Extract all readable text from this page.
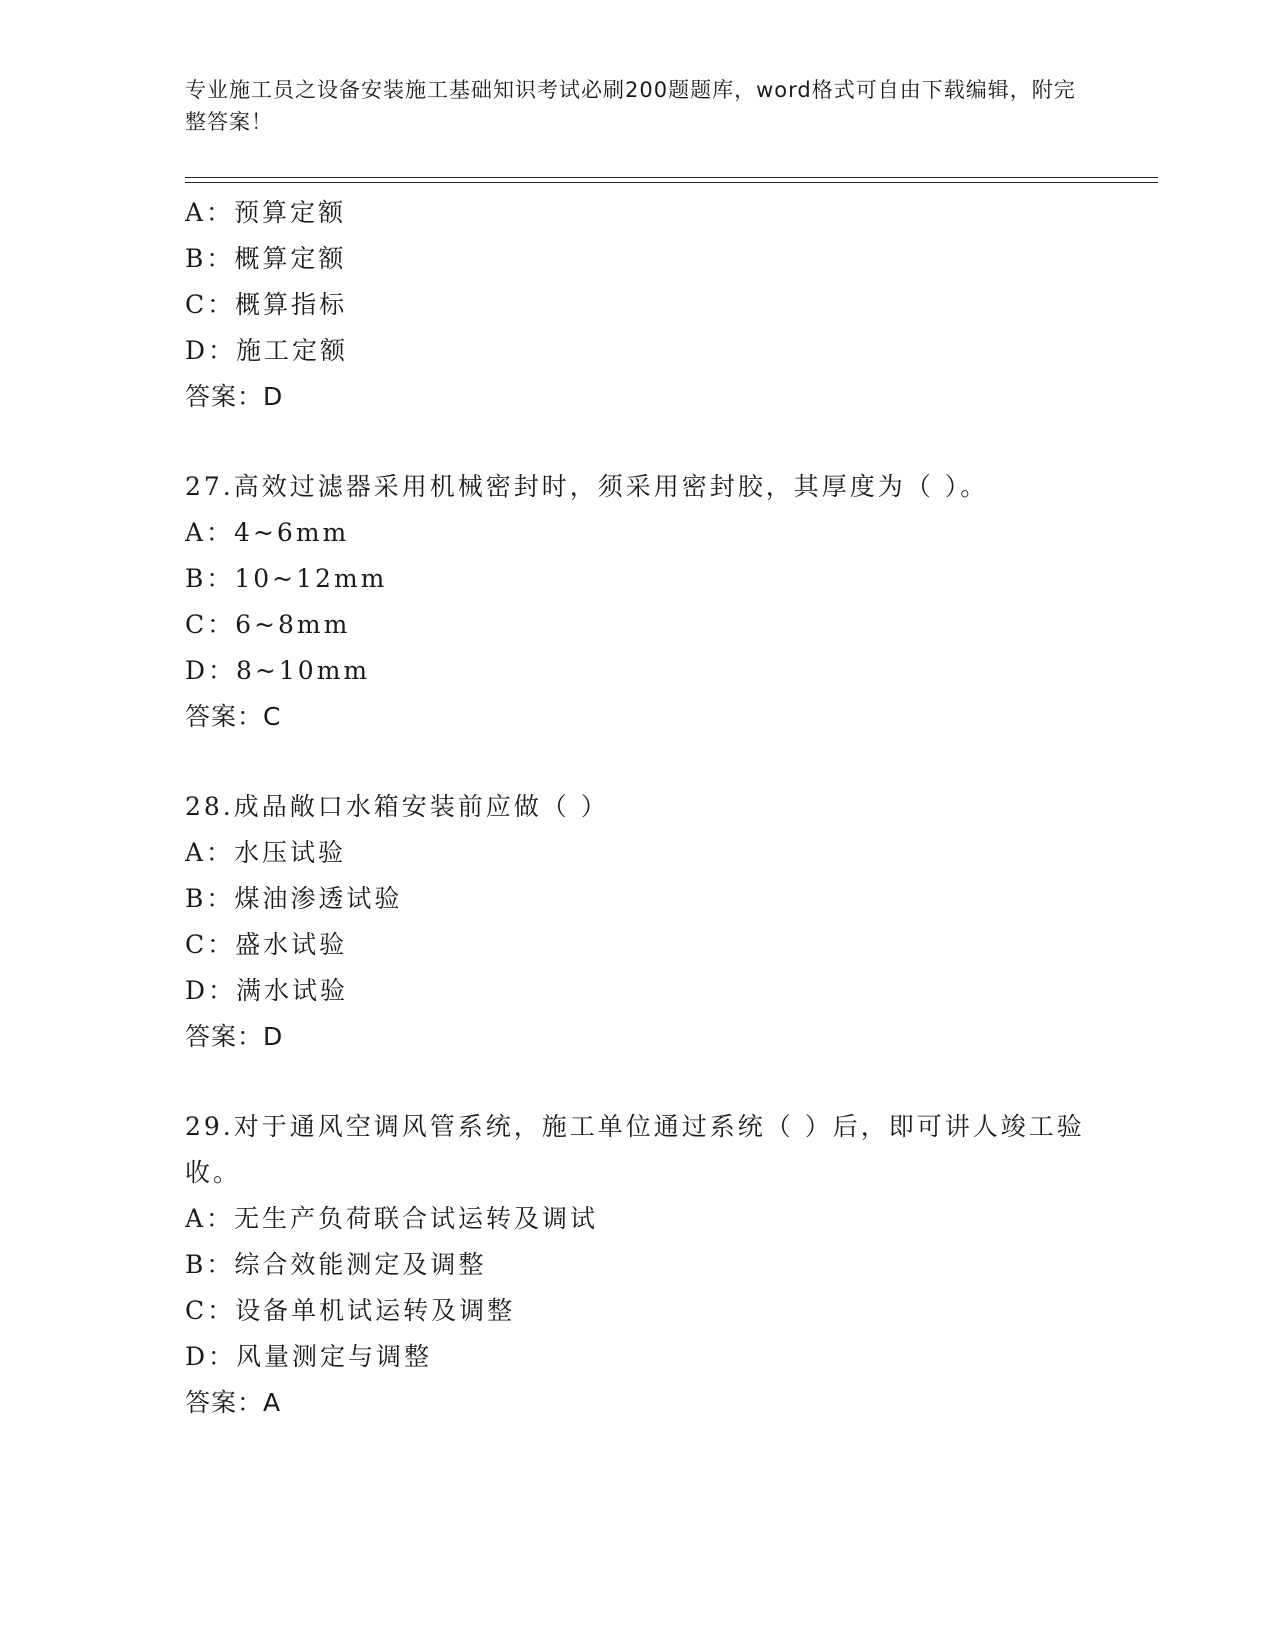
专业施工员之设备安装施工基础知识考试必刷200题题库，word格式可自由下载编辑，附完整答案！
A：预算定额
B：概算定额
C：概算指标
D：施工定额
答案：D
27.高效过滤器采用机械密封时，须采用密封胶，其厚度为（ ）。
A：4~6mm
B：10~12mm
C：6~8mm
D：8~10mm
答案：C
28.成品敞口水箱安装前应做（ ）
A：水压试验
B：煤油渗透试验
C：盛水试验
D：满水试验
答案：D
29.对于通风空调风管系统，施工单位通过系统（ ）后，即可讲人竣工验收。
A：无生产负荷联合试运转及调试
B：综合效能测定及调整
C：设备单机试运转及调整
D：风量测定与调整
答案：A
